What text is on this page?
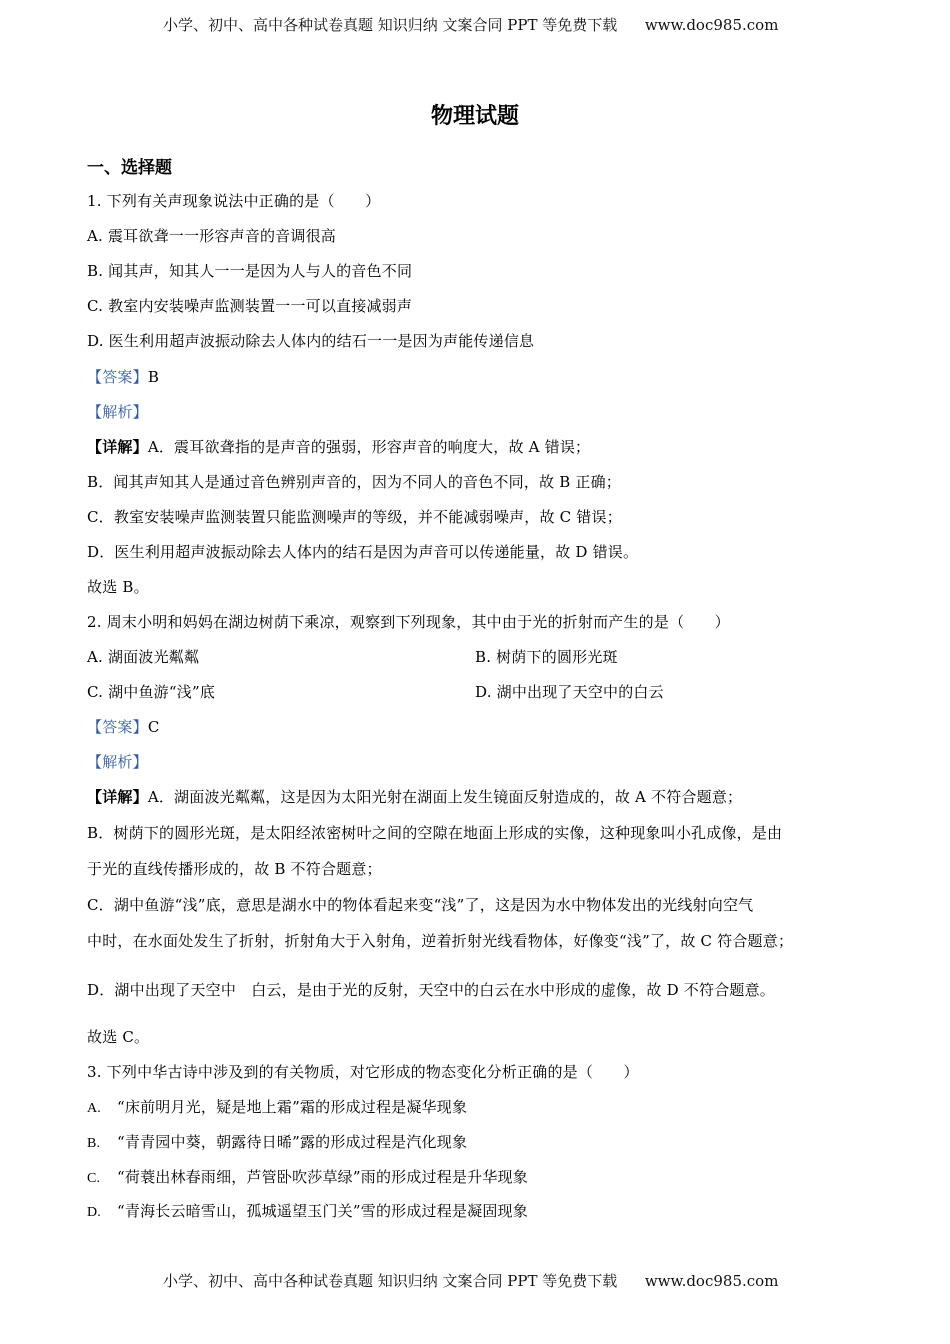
小学、初中、高中各种试卷真题 知识归纳 文案合同 PPT 等免费下载 www.doc985.com
物理试题
一、选择题
1. 下列有关声现象说法中正确的是（　　）
A. 震耳欲聋一一形容声音的音调很高
B. 闻其声，知其人一一是因为人与人的音色不同
C. 教室内安装噪声监测装置一一可以直接减弱声
D. 医生利用超声波振动除去人体内的结石一一是因为声能传递信息
【答案】B
【解析】
【详解】A．震耳欲聋指的是声音的强弱，形容声音的响度大，故 A 错误；
B．闻其声知其人是通过音色辨别声音的，因为不同人的音色不同，故 B 正确；
C．教室安装噪声监测装置只能监测噪声的等级，并不能减弱噪声，故 C 错误；
D．医生利用超声波振动除去人体内的结石是因为声音可以传递能量，故 D 错误。
故选 B。
2. 周末小明和妈妈在湖边树荫下乘凉，观察到下列现象，其中由于光的折射而产生的是（　　）
A. 湖面波光粼粼	B. 树荫下的圆形光斑
C. 湖中鱼游“浅”底	D. 湖中出现了天空中的白云
【答案】C
【解析】
【详解】A．湖面波光粼粼，这是因为太阳光射在湖面上发生镜面反射造成的，故 A 不符合题意；
B．树荫下的圆形光斑，是太阳经浓密树叶之间的空隙在地面上形成的实像，这种现象叫小孔成像，是由
于光的直线传播形成的，故 B 不符合题意；
C．湖中鱼游“浅”底，意思是湖水中的物体看起来变“浅”了，这是因为水中物体发出的光线射向空气
中时，在水面处发生了折射，折射角大于入射角，逆着折射光线看物体，好像变“浅”了，故 C 符合题意；
D．湖中出现了天空中　白云，是由于光的反射，天空中的白云在水中形成的虚像，故 D 不符合题意。
故选 C。
3. 下列中华古诗中涉及到的有关物质，对它形成的物态变化分析正确的是（　　）
A. “床前明月光，疑是地上霜”霜的形成过程是凝华现象
B. “青青园中葵，朝露待日晞”露的形成过程是汽化现象
C. “荷蓑出林春雨细，芦管卧吹莎草绿”雨的形成过程是升华现象
D. “青海长云暗雪山，孤城遥望玉门关”雪的形成过程是凝固现象
小学、初中、高中各种试卷真题 知识归纳 文案合同 PPT 等免费下载 www.doc985.com
